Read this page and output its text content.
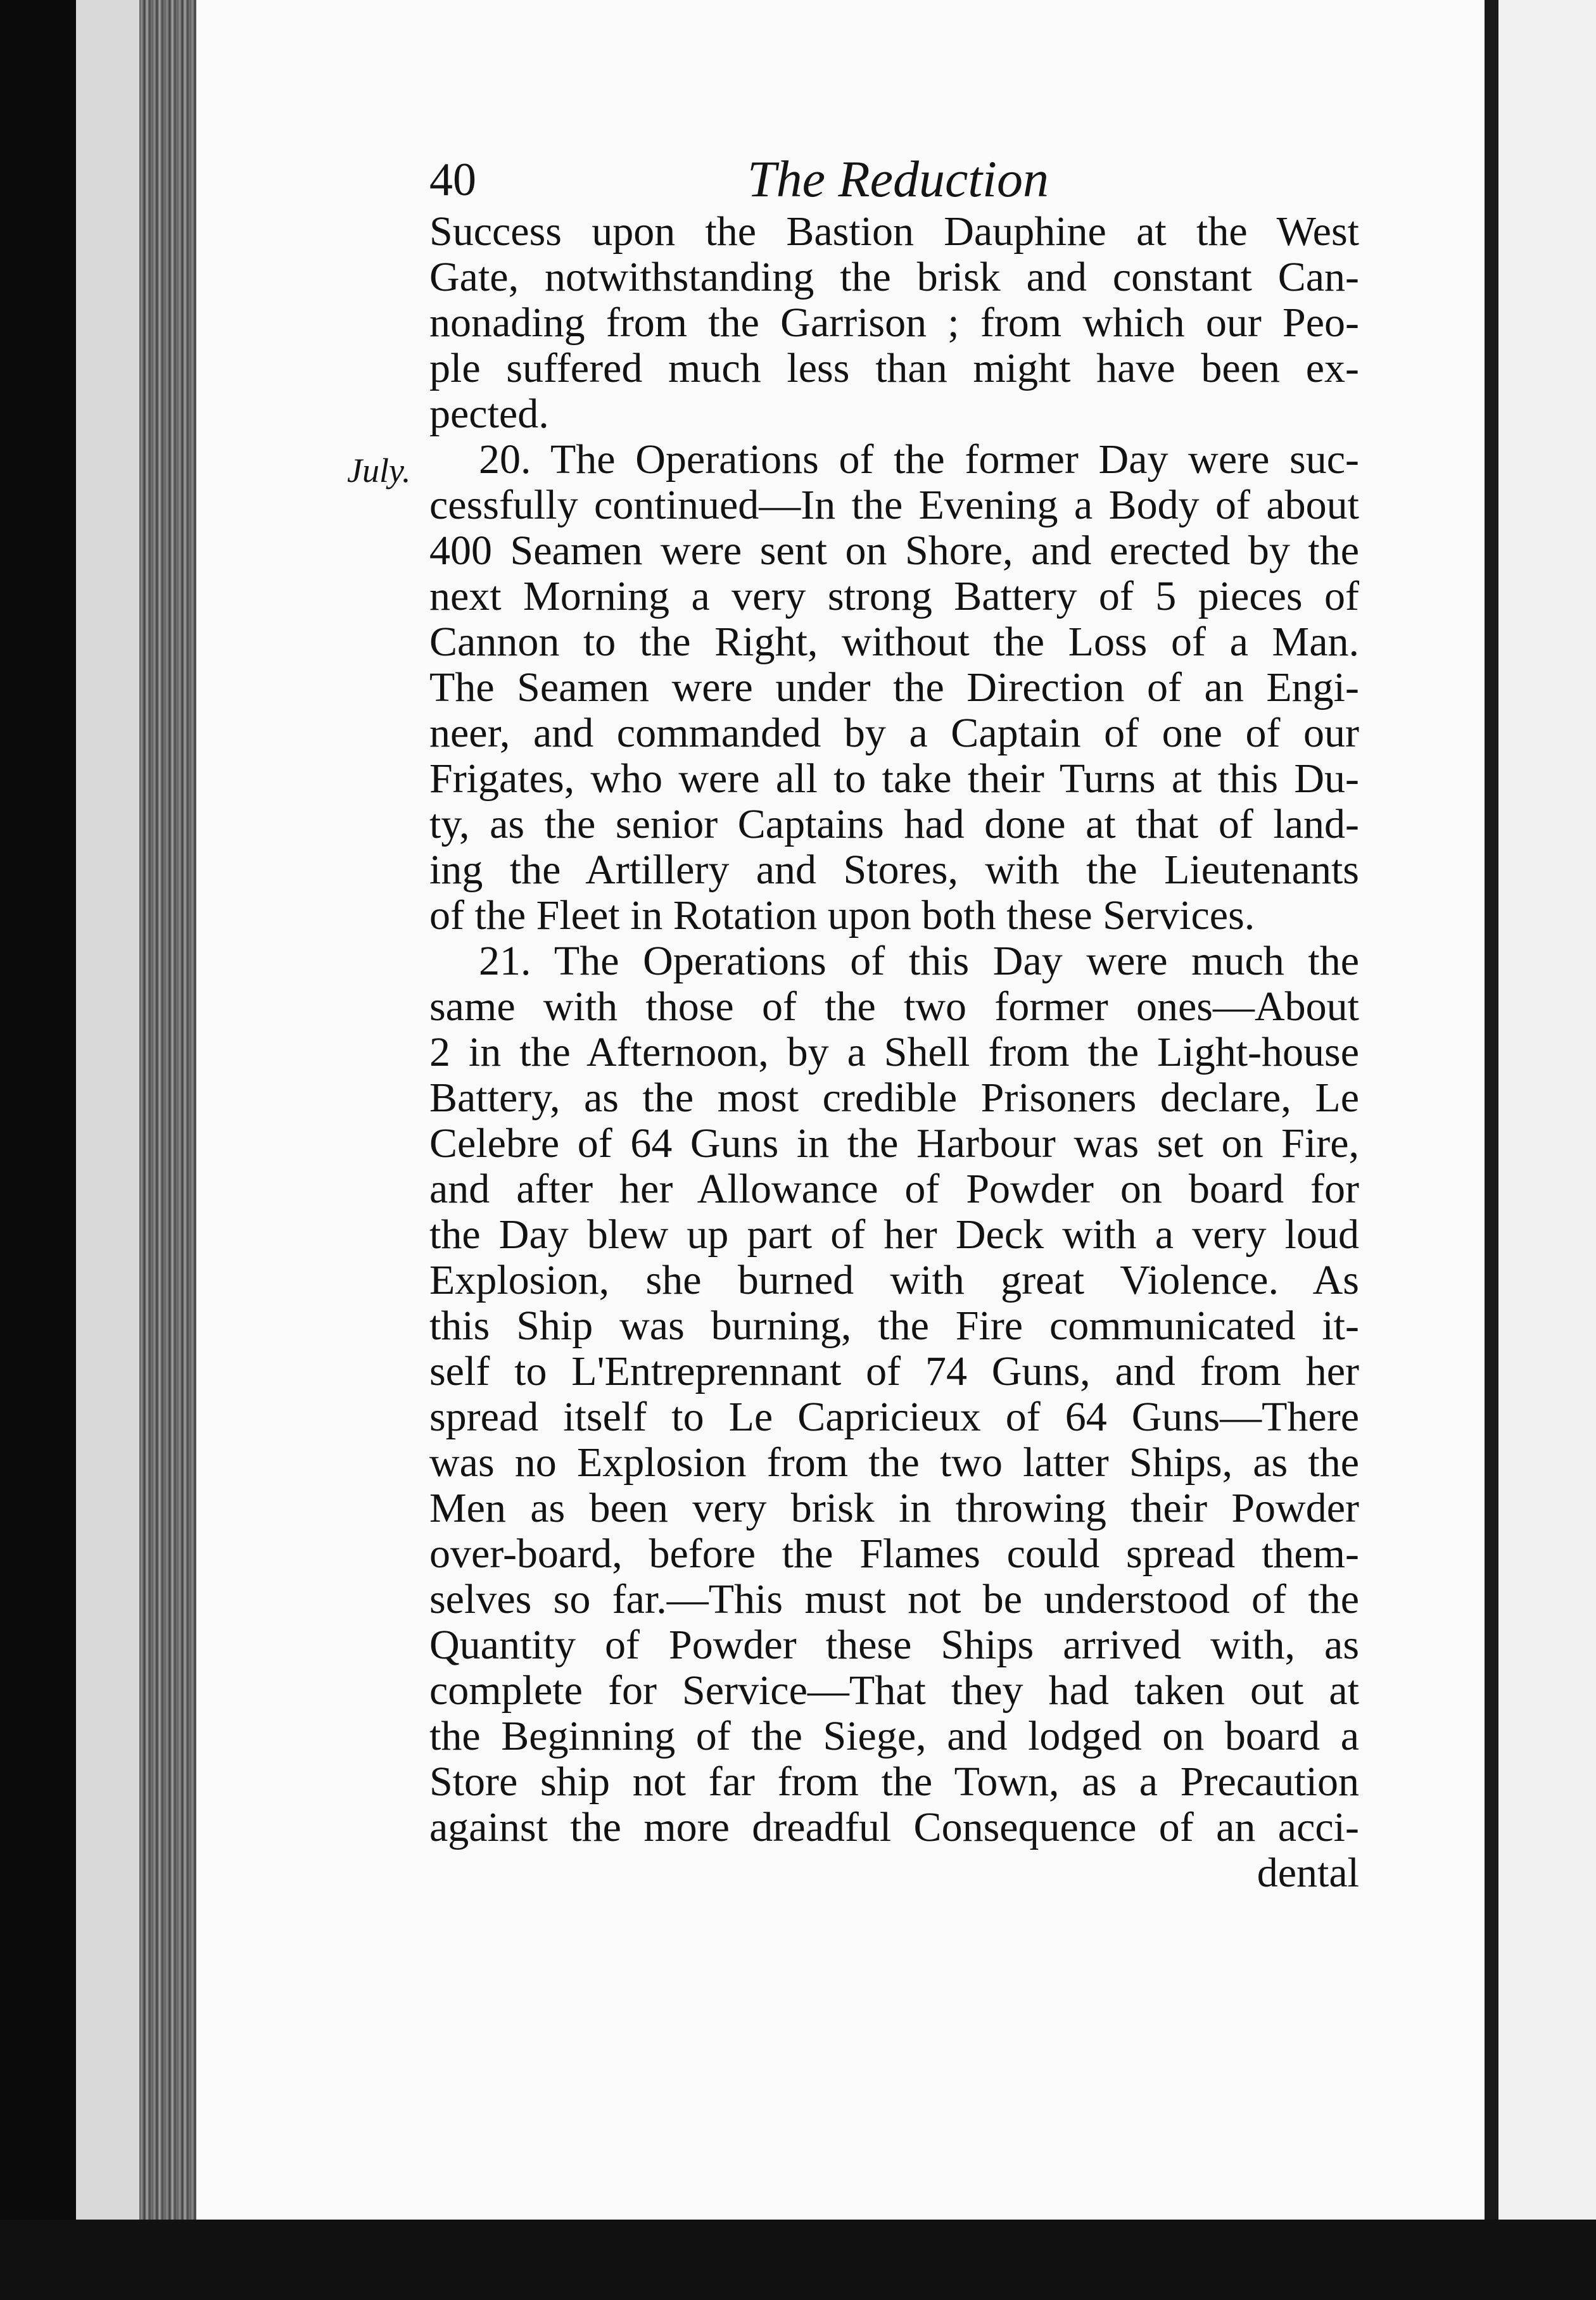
40	The Reduction
July.
Success upon the Bastion Dauphine at the West
Gate, notwithstanding the brisk and constant Can-
nonading from the Garrison ; from which our Peo-
ple suffered much less than might have been ex-
pected.
20. The Operations of the former Day were suc-
cessfully continued—In the Evening a Body of about
400 Seamen were sent on Shore, and erected by the
next Morning a very strong Battery of 5 pieces of
Cannon to the Right, without the Loss of a Man.
The Seamen were under the Direction of an Engi-
neer, and commanded by a Captain of one of our
Frigates, who were all to take their Turns at this Du-
ty, as the senior Captains had done at that of land-
ing the Artillery and Stores, with the Lieutenants
of the Fleet in Rotation upon both these Services.
21. The Operations of this Day were much the
same with those of the two former ones—About
2 in the Afternoon, by a Shell from the Light-house
Battery, as the most credible Prisoners declare, Le
Celebre of 64 Guns in the Harbour was set on Fire,
and after her Allowance of Powder on board for
the Day blew up part of her Deck with a very loud
Explosion, she burned with great Violence. As
this Ship was burning, the Fire communicated it-
self to L'Entreprennant of 74 Guns, and from her
spread itself to Le Capricieux of 64 Guns—There
was no Explosion from the two latter Ships, as the
Men as been very brisk in throwing their Powder
over-board, before the Flames could spread them-
selves so far.—This must not be understood of the
Quantity of Powder these Ships arrived with, as
complete for Service—That they had taken out at
the Beginning of the Siege, and lodged on board a
Store ship not far from the Town, as a Precaution
against the more dreadful Consequence of an acci-
dental
